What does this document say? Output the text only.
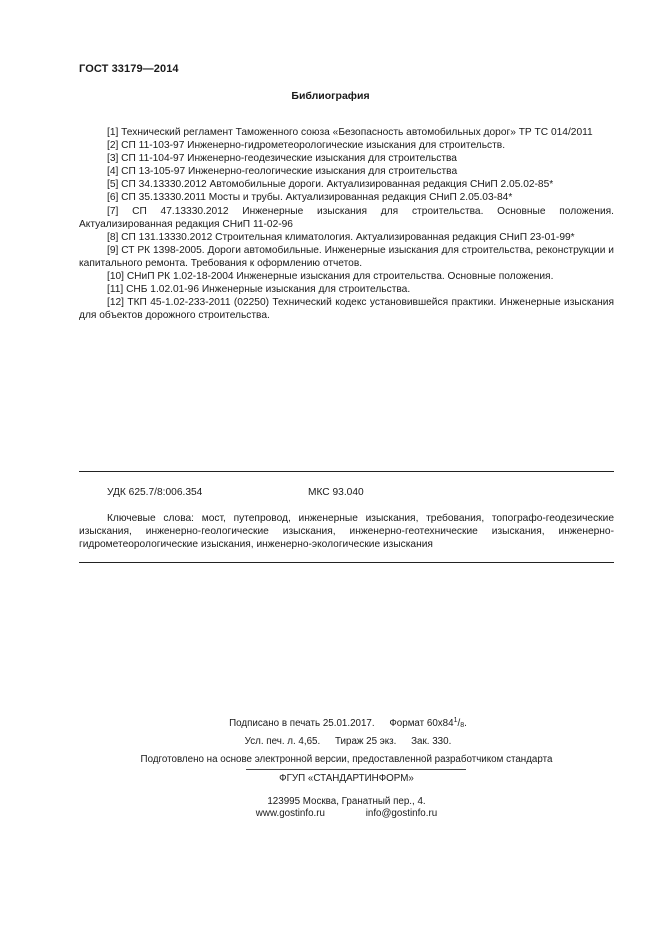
ГОСТ 33179—2014
Библиография

[1] Технический регламент Таможенного союза «Безопасность автомобильных дорог» ТР ТС 014/2011

[2] СП 11-103-97 Инженерно-гидрометеорологические изыскания для строительств.

[3] СП 11-104-97 Инженерно-геодезические изыскания для строительства

[4] СП 13-105-97 Инженерно-геологические изыскания для строительства

[5] СП 34.13330.2012 Автомобильные дороги. Актуализированная редакция СНиП 2.05.02-85*

[6] СП 35.13330.2011 Мосты и трубы. Актуализированная редакция СНиП 2.05.03-84*

[7] СП 47.13330.2012 Инженерные изыскания для строительства. Основные положения. Актуализированная редакция СНиП 11-02-96

[8] СП 131.13330.2012 Строительная климатология. Актуализированная редакция СНиП 23-01-99*

[9] СТ РК 1398-2005. Дороги автомобильные. Инженерные изыскания для строительства, реконструкции и капитального ремонта. Требования к оформлению отчетов.

[10] СНиП РК 1.02-18-2004 Инженерные изыскания для строительства. Основные положения.

[11] СНБ 1.02.01-96 Инженерные изыскания для строительства.

[12] ТКП 45-1.02-233-2011 (02250) Технический кодекс установившейся практики. Инженерные изыскания для объектов дорожного строительства.

УДК 625.7/8:006.354	МКС 93.040

Ключевые слова: мост, путепровод, инженерные изыскания, требования, топографо-геодезические изыскания, инженерно-геологические изыскания, инженерно-геотехнические изыскания, инженерно-гидрометеорологические изыскания, инженерно-экологические изыскания

Подписано в печать 25.01.2017. Формат $60х84^1/8$.
Усл. печ. л. 4,65. Тираж 25 экз. Зак. 330.
Подготовлено на основе электронной версии, предоставленной разработчиком стандарта
ФГУП «СТАНДАРТИНФОРМ»
123995 Москва, Гранатный пер., 4.
www.gostinfo.ru	info@gostinfo.ru
